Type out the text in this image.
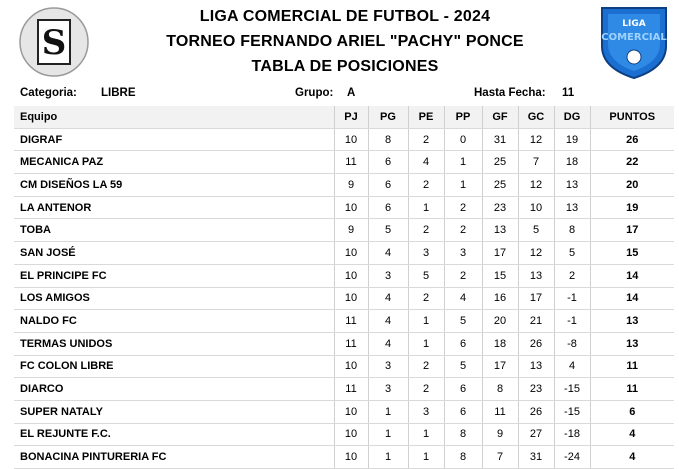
S
LIGA COMERCIAL DE FUTBOL - 2024
TORNEO FERNANDO ARIEL "PACHY" PONCE
TABLA DE POSICIONES
LIGA
COMERCIAL
Categoria: LIBRE	Grupo: A	Hasta Fecha: 11
Equipo	PJ	PG	PE	PP	GF	GC	DG	PUNTOS
DIGRAF	10	8	2	0	31	12	19	26
MECANICA PAZ	11	6	4	1	25	7	18	22
CM DISEÑOS LA 59	9	6	2	1	25	12	13	20
LA ANTENOR	10	6	1	2	23	10	13	19
TOBA	9	5	2	2	13	5	8	17
SAN JOSÉ	10	4	3	3	17	12	5	15
EL PRINCIPE FC	10	3	5	2	15	13	2	14
LOS AMIGOS	10	4	2	4	16	17	-1	14
NALDO FC	11	4	1	5	20	21	-1	13
TERMAS UNIDOS	11	4	1	6	18	26	-8	13
FC COLON LIBRE	10	3	2	5	17	13	4	11
DIARCO	11	3	2	6	8	23	-15	11
SUPER NATALY	10	1	3	6	11	26	-15	6
EL REJUNTE F.C.	10	1	1	8	9	27	-18	4
BONACINA PINTURERIA FC	10	1	1	8	7	31	-24	4
